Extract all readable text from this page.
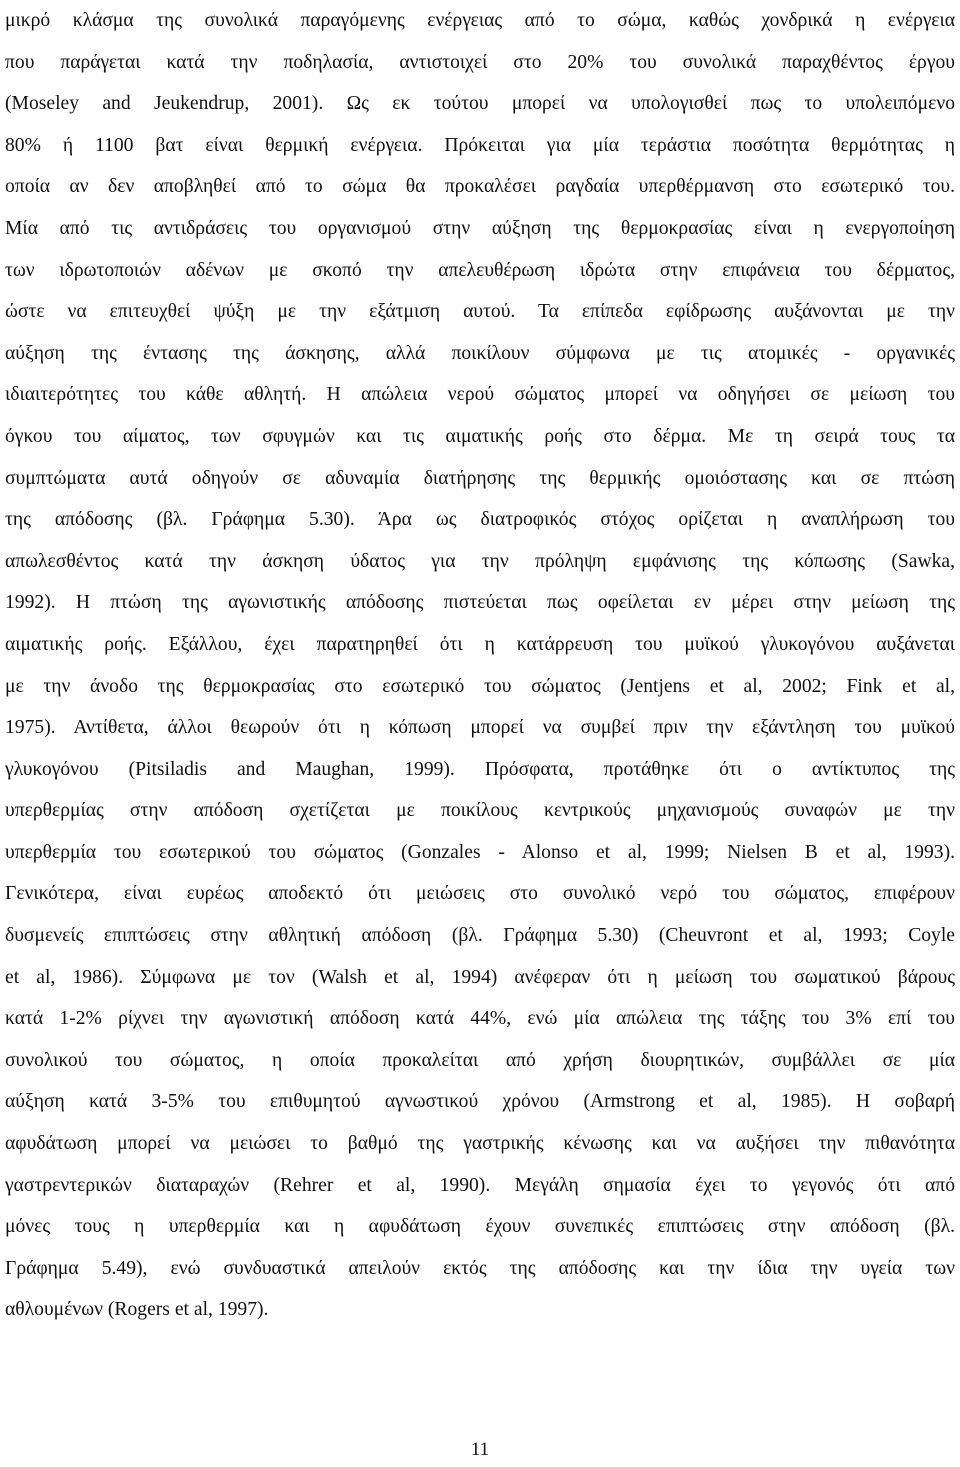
μικρό κλάσμα της συνολικά παραγόμενης ενέργειας από το σώμα, καθώς χονδρικά η ενέργεια
που παράγεται κατά την ποδηλασία, αντιστοιχεί στο 20% του συνολικά παραχθέντος έργου
(Moseley and Jeukendrup, 2001). Ως εκ τούτου μπορεί να υπολογισθεί πως το υπολειπόμενο
80% ή 1100 βατ είναι θερμική ενέργεια. Πρόκειται για μία τεράστια ποσότητα θερμότητας η
οποία αν δεν αποβληθεί από το σώμα θα προκαλέσει ραγδαία υπερθέρμανση στο εσωτερικό του.
Μία από τις αντιδράσεις του οργανισμού στην αύξηση της θερμοκρασίας είναι η ενεργοποίηση
των ιδρωτοποιών αδένων με σκοπό την απελευθέρωση ιδρώτα στην επιφάνεια του δέρματος,
ώστε να επιτευχθεί ψύξη με την εξάτμιση αυτού. Τα επίπεδα εφίδρωσης αυξάνονται με την
αύξηση της έντασης της άσκησης, αλλά ποικίλουν σύμφωνα με τις ατομικές - οργανικές
ιδιαιτερότητες του κάθε αθλητή. Η απώλεια νερού σώματος μπορεί να οδηγήσει σε μείωση του
όγκου του αίματος, των σφυγμών και τις αιματικής ροής στο δέρμα. Με τη σειρά τους τα
συμπτώματα αυτά οδηγούν σε αδυναμία διατήρησης της θερμικής ομοιόστασης και σε πτώση
της απόδοσης (βλ. Γράφημα 5.30). Άρα ως διατροφικός στόχος ορίζεται η αναπλήρωση του
απωλεσθέντος κατά την άσκηση ύδατος για την πρόληψη εμφάνισης της κόπωσης (Sawka,
1992). Η πτώση της αγωνιστικής απόδοσης πιστεύεται πως οφείλεται εν μέρει στην μείωση της
αιματικής ροής. Εξάλλου, έχει παρατηρηθεί ότι η κατάρρευση του μυϊκού γλυκογόνου αυξάνεται
με την άνοδο της θερμοκρασίας στο εσωτερικό του σώματος (Jentjens et al, 2002; Fink et al,
1975). Αντίθετα, άλλοι θεωρούν ότι η κόπωση μπορεί να συμβεί πριν την εξάντληση του μυϊκού
γλυκογόνου (Pitsiladis and Maughan, 1999). Πρόσφατα, προτάθηκε ότι ο αντίκτυπος της
υπερθερμίας στην απόδοση σχετίζεται με ποικίλους κεντρικούς μηχανισμούς συναφών με την
υπερθερμία του εσωτερικού του σώματος (Gonzales - Alonso et al, 1999; Nielsen B et al, 1993).
Γενικότερα, είναι ευρέως αποδεκτό ότι μειώσεις στο συνολικό νερό του σώματος, επιφέρουν
δυσμενείς επιπτώσεις στην αθλητική απόδοση (βλ. Γράφημα 5.30) (Cheuvront et al, 1993; Coyle
et al, 1986). Σύμφωνα με τον (Walsh et al, 1994) ανέφεραν ότι η μείωση του σωματικού βάρους
κατά 1-2% ρίχνει την αγωνιστική απόδοση κατά 44%, ενώ μία απώλεια της τάξης του 3% επί του
συνολικού του σώματος, η οποία προκαλείται από χρήση διουρητικών, συμβάλλει σε μία
αύξηση κατά 3-5% του επιθυμητού αγνωστικού χρόνου (Armstrong et al, 1985). Η σοβαρή
αφυδάτωση μπορεί να μειώσει το βαθμό της γαστρικής κένωσης και να αυξήσει την πιθανότητα
γαστρεντερικών διαταραχών (Rehrer et al, 1990). Μεγάλη σημασία έχει το γεγονός ότι από
μόνες τους η υπερθερμία και η αφυδάτωση έχουν συνεπικές επιπτώσεις στην απόδοση (βλ.
Γράφημα 5.49), ενώ συνδυαστικά απειλούν εκτός της απόδοσης και την ίδια την υγεία των
αθλουμένων (Rogers et al, 1997).
11
